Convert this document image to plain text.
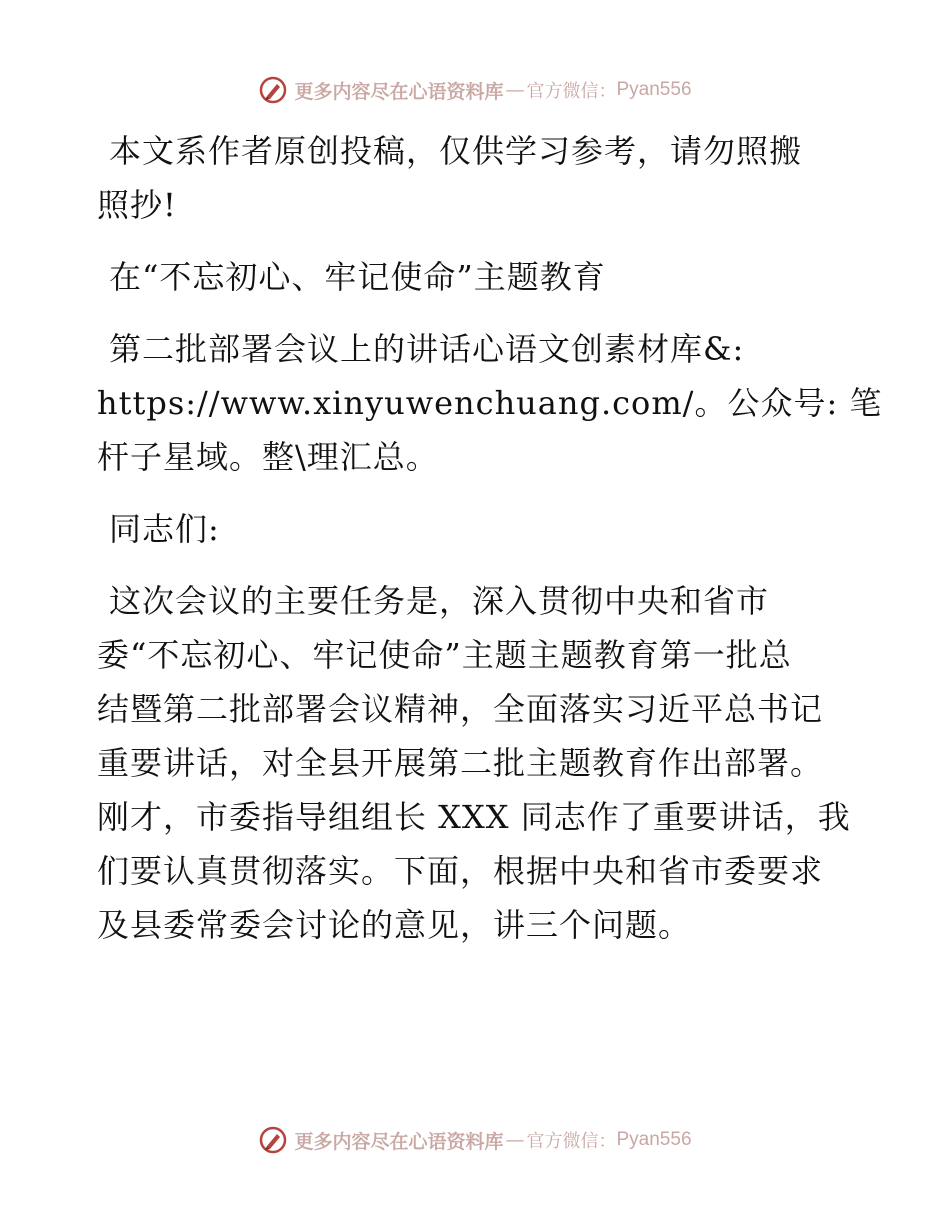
更多内容尽在心语资料库 — 官方微信： Pyan556

本文系作者原创投稿，仅供学习参考，请勿照搬
照抄!

在“不忘初心、牢记使命”主题教育

第二批部署会议上的讲话心语文创素材库&:
https://www.xinyuwenchuang.com/。公众号: 笔
杆子星域。整\理汇总。

同志们:

这次会议的主要任务是，深入贯彻中央和省市
委“不忘初心、牢记使命”主题主题教育第一批总
结暨第二批部署会议精神，全面落实习近平总书记
重要讲话，对全县开展第二批主题教育作出部署。
刚才，市委指导组组长 XXX 同志作了重要讲话，我
们要认真贯彻落实。下面，根据中央和省市委要求
及县委常委会讨论的意见，讲三个问题。

更多内容尽在心语资料库 — 官方微信： Pyan556
